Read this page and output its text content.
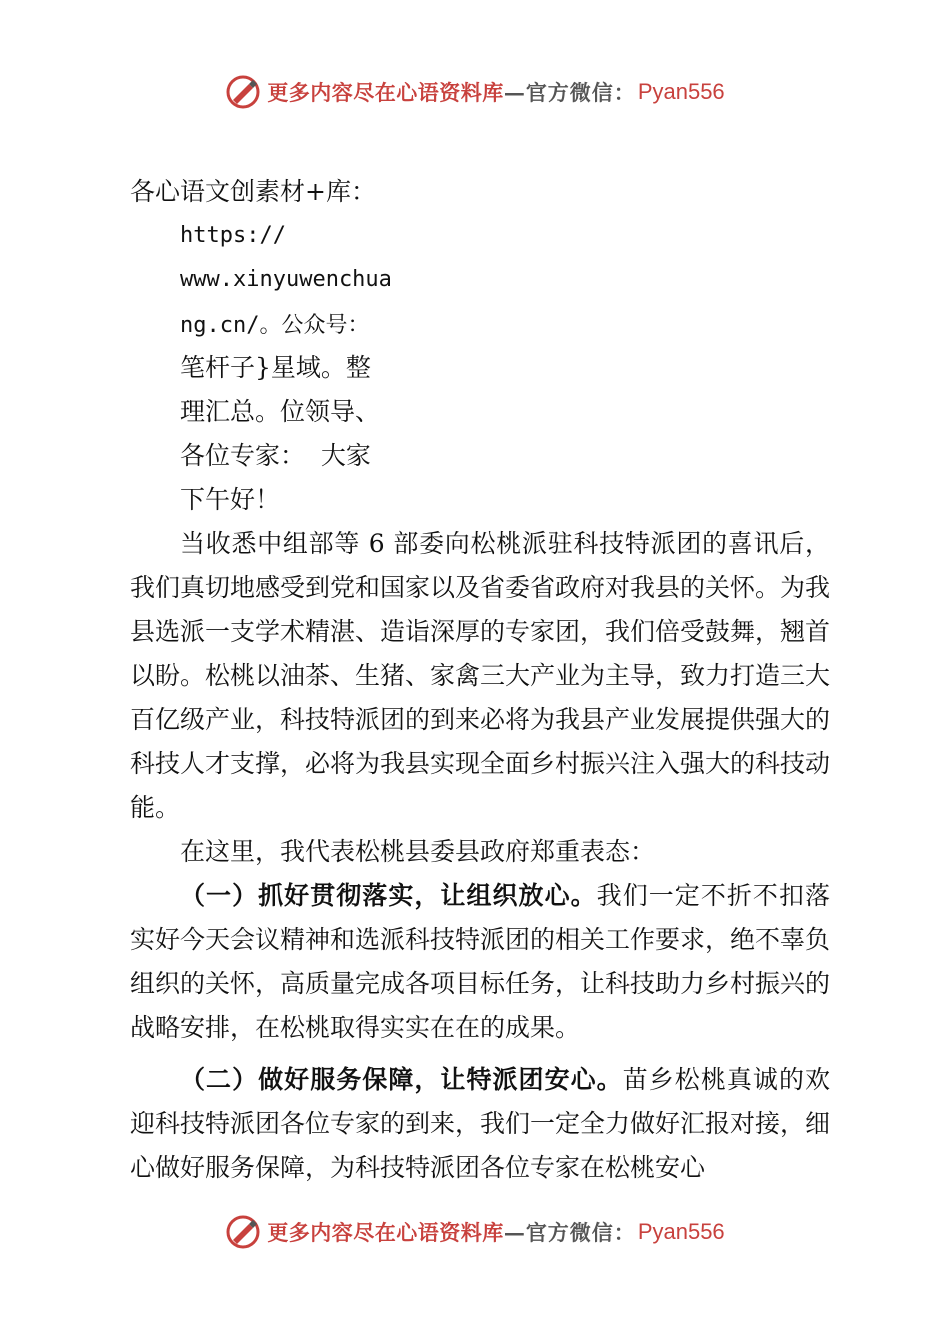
更多内容尽在心语资料库 —官方微信： Pyan556
各心语文创素材+库：
https://
www.xinyuwenchua
ng.cn/。公众号：
笔杆子}星域。整
理汇总。位领导、
各位专家：  大家
下午好！

当收悉中组部等 6 部委向松桃派驻科技特派团的喜讯后，我们真切地感受到党和国家以及省委省政府对我县的关怀。为我县选派一支学术精湛、造诣深厚的专家团，我们倍受鼓舞，翘首以盼。松桃以油茶、生猪、家禽三大产业为主导，致力打造三大百亿级产业，科技特派团的到来必将为我县产业发展提供强大的科技人才支撑，必将为我县实现全面乡村振兴注入强大的科技动能。

在这里，我代表松桃县委县政府郑重表态：

（一）抓好贯彻落实，让组织放心。我们一定不折不扣落实好今天会议精神和选派科技特派团的相关工作要求，绝不辜负组织的关怀，高质量完成各项目标任务，让科技助力乡村振兴的战略安排，在松桃取得实实在在的成果。

（二）做好服务保障，让特派团安心。苗乡松桃真诚的欢迎科技特派团各位专家的到来，我们一定全力做好汇报对接，细心做好服务保障，为科技特派团各位专家在松桃安心

更多内容尽在心语资料库 —官方微信： Pyan556
